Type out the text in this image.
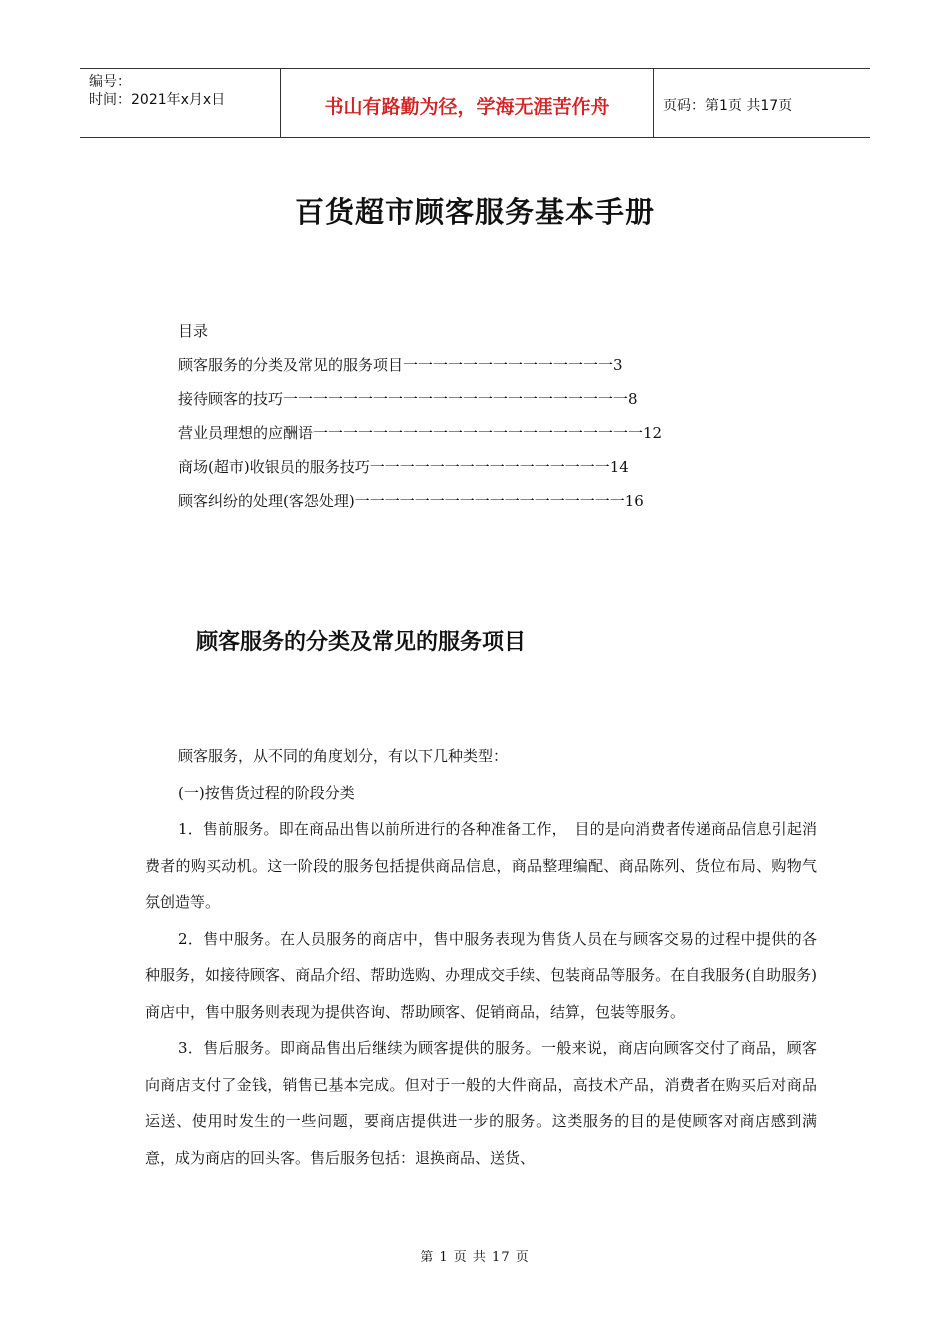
编号：
时间：2021年x月x日	书山有路勤为径，学海无涯苦作舟	页码：第1页 共17页
百货超市顾客服务基本手册
目录
顾客服务的分类及常见的服务项目一一一一一一一一一一一一一一3
接待顾客的技巧一一一一一一一一一一一一一一一一一一一一一一一8
营业员理想的应酬语一一一一一一一一一一一一一一一一一一一一一一12
商场(超市)收银员的服务技巧一一一一一一一一一一一一一一一一14
顾客纠纷的处理(客怨处理)一一一一一一一一一一一一一一一一一一16
顾客服务的分类及常见的服务项目

顾客服务，从不同的角度划分，有以下几种类型：

(一)按售货过程的阶段分类

1．售前服务。即在商品出售以前所进行的各种准备工作，　目的是向消费者传递商品信息引起消费者的购买动机。这一阶段的服务包括提供商品信息，商品整理编配、商品陈列、货位布局、购物气氛创造等。

2．售中服务。在人员服务的商店中，售中服务表现为售货人员在与顾客交易的过程中提供的各种服务，如接待顾客、商品介绍、帮助选购、办理成交手续、包装商品等服务。在自我服务(自助服务)商店中，售中服务则表现为提供咨询、帮助顾客、促销商品，结算，包装等服务。

3．售后服务。即商品售出后继续为顾客提供的服务。一般来说，商店向顾客交付了商品，顾客向商店支付了金钱，销售已基本完成。但对于一般的大件商品，高技术产品，消费者在购买后对商品运送、使用时发生的一些问题，要商店提供进一步的服务。这类服务的目的是使顾客对商店感到满意，成为商店的回头客。售后服务包括：退换商品、送货、

第 1 页 共 17 页
